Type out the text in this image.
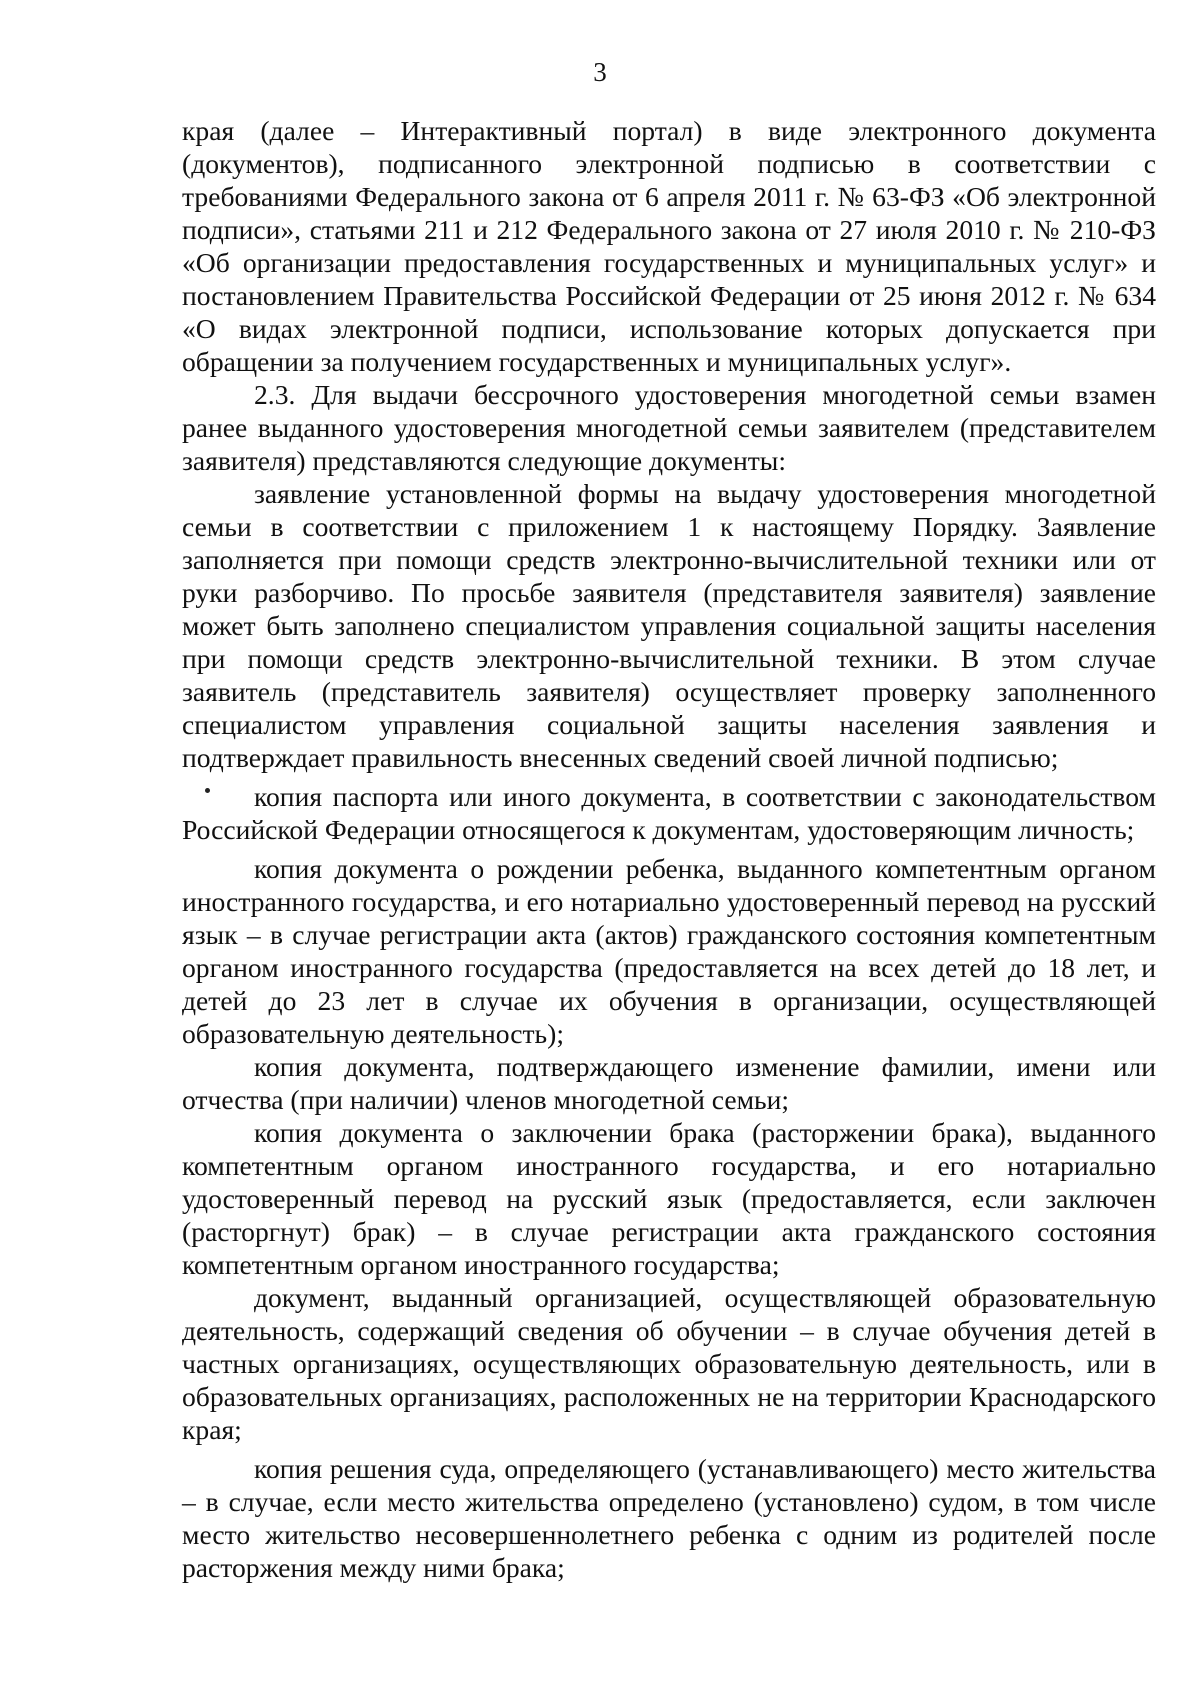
3

края (далее – Интерактивный портал) в виде электронного документа (документов), подписанного электронной подписью в соответствии с требованиями Федерального закона от 6 апреля 2011 г. № 63-ФЗ «Об электронной подписи», статьями 211 и 212 Федерального закона от 27 июля 2010 г. № 210-ФЗ «Об организации предоставления государственных и муниципальных услуг» и постановлением Правительства Российской Федерации от 25 июня 2012 г. № 634 «О видах электронной подписи, использование которых допускается при обращении за получением государственных и муниципальных услуг».

2.3. Для выдачи бессрочного удостоверения многодетной семьи взамен ранее выданного удостоверения многодетной семьи заявителем (представителем заявителя) представляются следующие документы:

заявление установленной формы на выдачу удостоверения многодетной семьи в соответствии с приложением 1 к настоящему Порядку. Заявление заполняется при помощи средств электронно-вычислительной техники или от руки разборчиво. По просьбе заявителя (представителя заявителя) заявление может быть заполнено специалистом управления социальной защиты населения при помощи средств электронно-вычислительной техники. В этом случае заявитель (представитель заявителя) осуществляет проверку заполненного специалистом управления социальной защиты населения заявления и подтверждает правильность внесенных сведений своей личной подписью;

копия паспорта или иного документа, в соответствии с законодательством Российской Федерации относящегося к документам, удостоверяющим личность;

копия документа о рождении ребенка, выданного компетентным органом иностранного государства, и его нотариально удостоверенный перевод на русский язык – в случае регистрации акта (актов) гражданского состояния компетентным органом иностранного государства (предоставляется на всех детей до 18 лет, и детей до 23 лет в случае их обучения в организации, осуществляющей образовательную деятельность);

копия документа, подтверждающего изменение фамилии, имени или отчества (при наличии) членов многодетной семьи;

копия документа о заключении брака (расторжении брака), выданного компетентным органом иностранного государства, и его нотариально удостоверенный перевод на русский язык (предоставляется, если заключен (расторгнут) брак) – в случае регистрации акта гражданского состояния компетентным органом иностранного государства;

документ, выданный организацией, осуществляющей образовательную деятельность, содержащий сведения об обучении – в случае обучения детей в частных организациях, осуществляющих образовательную деятельность, или в образовательных организациях, расположенных не на территории Краснодарского края;

копия решения суда, определяющего (устанавливающего) место жительства – в случае, если место жительства определено (установлено) судом, в том числе место жительство несовершеннолетнего ребенка с одним из родителей после расторжения между ними брака;
